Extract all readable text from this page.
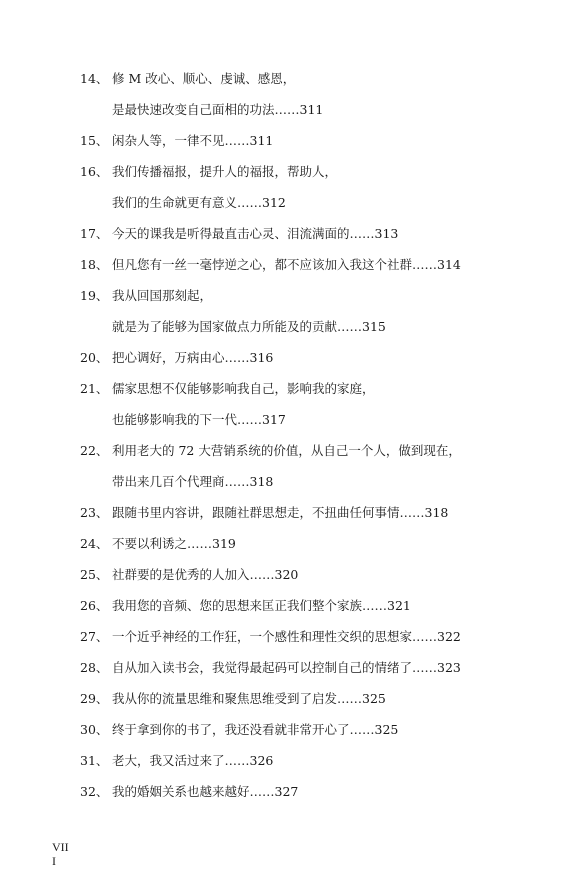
14、 修 M 改心、顺心、虔诚、感恩，
是最快速改变自己面相的功法……311
15、 闲杂人等，一律不见……311
16、 我们传播福报，提升人的福报，帮助人，
我们的生命就更有意义……312
17、 今天的课我是听得最直击心灵、泪流满面的……313
18、 但凡您有一丝一毫悖逆之心，都不应该加入我这个社群……314
19、 我从回国那刻起，
就是为了能够为国家做点力所能及的贡献……315
20、 把心调好，万病由心……316
21、 儒家思想不仅能够影响我自己，影响我的家庭，
也能够影响我的下一代……317
22、 利用老大的 72 大营销系统的价值，从自己一个人，做到现在，
带出来几百个代理商……318
23、 跟随书里内容讲，跟随社群思想走，不扭曲任何事情……318
24、 不要以利诱之……319
25、 社群要的是优秀的人加入……320
26、 我用您的音频、您的思想来匡正我们整个家族……321
27、 一个近乎神经的工作狂，一个感性和理性交织的思想家……322
28、 自从加入读书会，我觉得最起码可以控制自己的情绪了……323
29、 我从你的流量思维和聚焦思维受到了启发……325
30、 终于拿到你的书了，我还没看就非常开心了……325
31、 老大，我又活过来了……326
32、 我的婚姻关系也越来越好……327
VII
I
